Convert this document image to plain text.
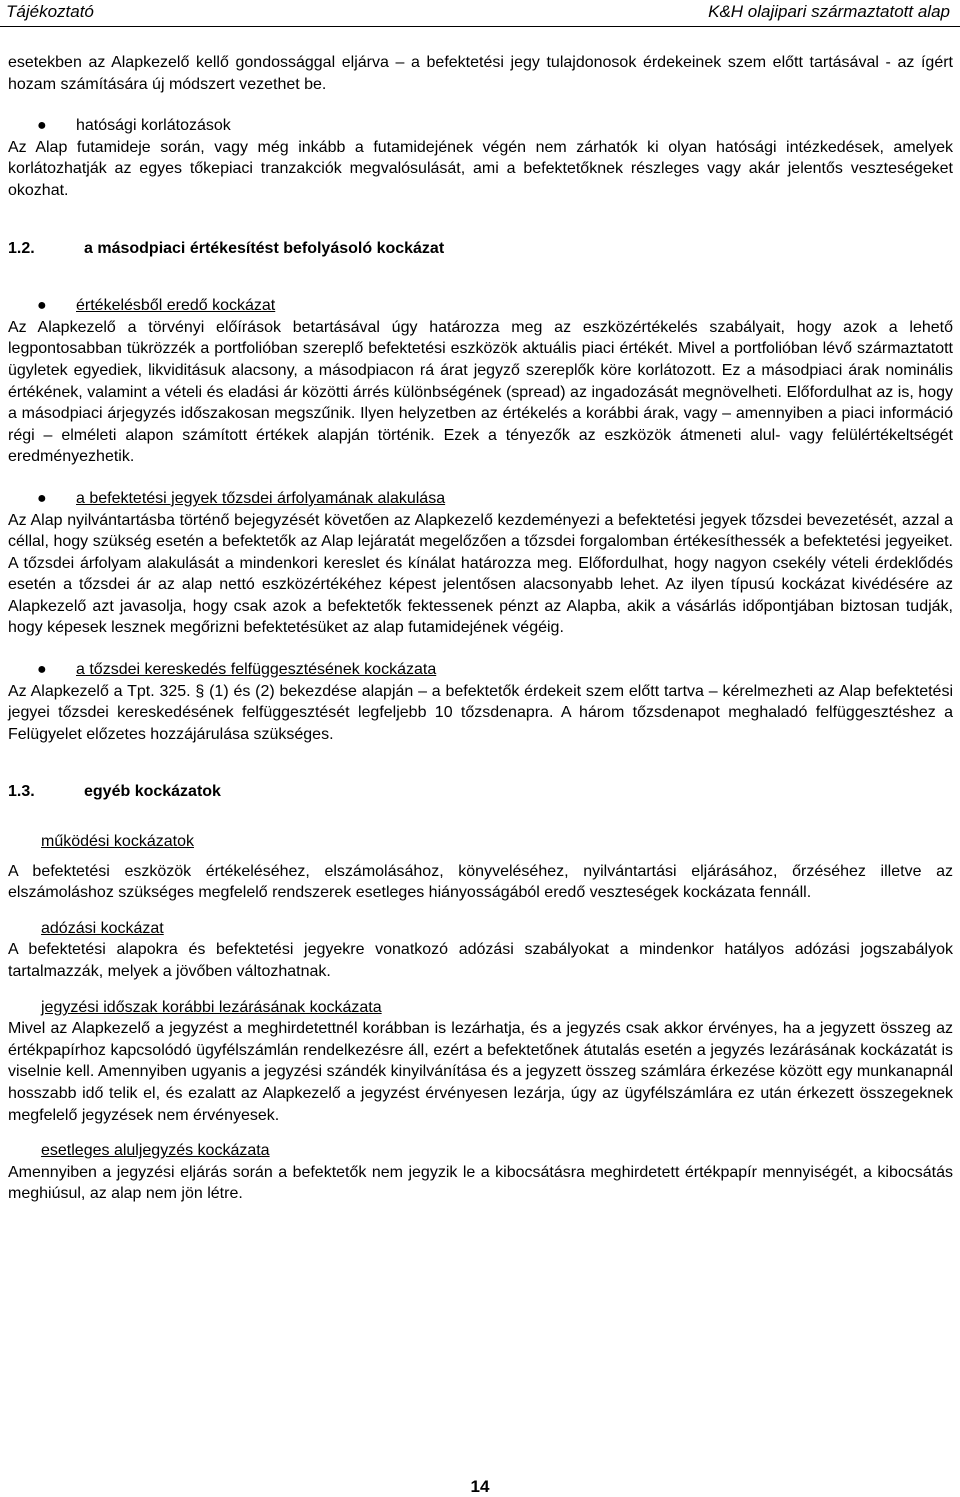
Tájékoztató	K&H olajipari származtatott alap

esetekben az Alapkezelő kellő gondossággal eljárva – a befektetési jegy tulajdonosok érdekeinek szem előtt tartásával - az ígért hozam számítására új módszert vezethet be.

● hatósági korlátozások

Az Alap futamideje során, vagy még inkább a futamidejének végén nem zárhatók ki olyan hatósági intézkedések, amelyek korlátozhatják az egyes tőkepiaci tranzakciók megvalósulását, ami a befektetőknek részleges vagy akár jelentős veszteségeket okozhat.

1.2.	a másodpiaci értékesítést befolyásoló kockázat

● értékelésből eredő kockázat

Az Alapkezelő a törvényi előírások betartásával úgy határozza meg az eszközértékelés szabályait, hogy azok a lehető legpontosabban tükrözzék a portfolióban szereplő befektetési eszközök aktuális piaci értékét. Mivel a portfolióban lévő származtatott ügyletek egyediek, likviditásuk alacsony, a másodpiacon rá árat jegyző szereplők köre korlátozott. Ez a másodpiaci árak nominális értékének, valamint a vételi és eladási ár közötti árrés különbségének (spread) az ingadozását megnövelheti. Előfordulhat az is, hogy a másodpiaci árjegyzés időszakosan megszűnik. Ilyen helyzetben az értékelés a korábbi árak, vagy – amennyiben a piaci információ régi – elméleti alapon számított értékek alapján történik. Ezek a tényezők az eszközök átmeneti alul- vagy felülértékeltségét eredményezhetik.

● a befektetési jegyek tőzsdei árfolyamának alakulása

Az Alap nyilvántartásba történő bejegyzését követően az Alapkezelő kezdeményezi a befektetési jegyek tőzsdei bevezetését, azzal a céllal, hogy szükség esetén a befektetők az Alap lejáratát megelőzően a tőzsdei forgalomban értékesíthessék a befektetési jegyeiket. A tőzsdei árfolyam alakulását a mindenkori kereslet és kínálat határozza meg. Előfordulhat, hogy nagyon csekély vételi érdeklődés esetén a tőzsdei ár az alap nettó eszközértékéhez képest jelentősen alacsonyabb lehet. Az ilyen típusú kockázat kivédésére az Alapkezelő azt javasolja, hogy csak azok a befektetők fektessenek pénzt az Alapba, akik a vásárlás időpontjában biztosan tudják, hogy képesek lesznek megőrizni befektetésüket az alap futamidejének végéig.

● a tőzsdei kereskedés felfüggesztésének kockázata

Az Alapkezelő a Tpt. 325. § (1) és (2) bekezdése alapján – a befektetők érdekeit szem előtt tartva – kérelmezheti az Alap befektetési jegyei tőzsdei kereskedésének felfüggesztését legfeljebb 10 tőzsdenapra. A három tőzsdenapot meghaladó felfüggesztéshez a Felügyelet előzetes hozzájárulása szükséges.

1.3.	egyéb kockázatok

működési kockázatok

A befektetési eszközök értékeléséhez, elszámolásához, könyveléséhez, nyilvántartási eljárásához, őrzéséhez illetve az elszámoláshoz szükséges megfelelő rendszerek esetleges hiányosságából eredő veszteségek kockázata fennáll.

adózási kockázat

A befektetési alapokra és befektetési jegyekre vonatkozó adózási szabályokat a mindenkor hatályos adózási jogszabályok tartalmazzák, melyek a jövőben változhatnak.

jegyzési időszak korábbi lezárásának kockázata

Mivel az Alapkezelő a jegyzést a meghirdetettnél korábban is lezárhatja, és a jegyzés csak akkor érvényes, ha a jegyzett összeg az értékpapírhoz kapcsolódó ügyfélszámlán rendelkezésre áll, ezért a befektetőnek átutalás esetén a jegyzés lezárásának kockázatát is viselnie kell. Amennyiben ugyanis a jegyzési szándék kinyilvánítása és a jegyzett összeg számlára érkezése között egy munkanapnál hosszabb idő telik el, és ezalatt az Alapkezelő a jegyzést érvényesen lezárja, úgy az ügyfélszámlára ez után érkezett összegeknek megfelelő jegyzések nem érvényesek.

esetleges aluljegyzés kockázata

Amennyiben a jegyzési eljárás során a befektetők nem jegyzik le a kibocsátásra meghirdetett értékpapír mennyiségét, a kibocsátás meghiúsul, az alap nem jön létre.

14
